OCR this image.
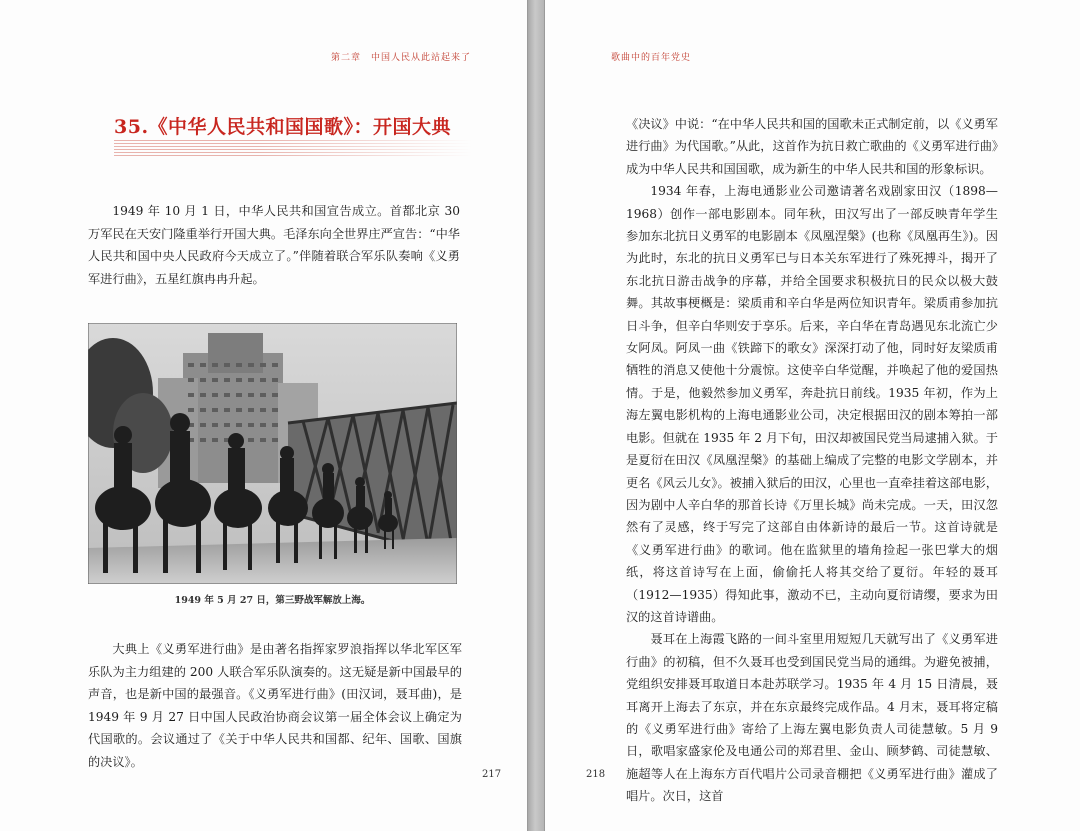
第二章　中国人民从此站起来了
35.《中华人民共和国国歌》：开国大典

1949 年 10 月 1 日，中华人民共和国宣告成立。首都北京 30 万军民在天安门隆重举行开国大典。毛泽东向全世界庄严宣告：“中华人民共和国中央人民政府今天成立了。”伴随着联合军乐队奏响《义勇军进行曲》，五星红旗冉冉升起。

1949 年 5 月 27 日，第三野战军解放上海。

大典上《义勇军进行曲》是由著名指挥家罗浪指挥以华北军区军乐队为主力组建的 200 人联合军乐队演奏的。这无疑是新中国最早的声音，也是新中国的最强音。《义勇军进行曲》(田汉词，聂耳曲)，是 1949 年 9 月 27 日中国人民政治协商会议第一届全体会议上确定为代国歌的。会议通过了《关于中华人民共和国都、纪年、国歌、国旗的决议》。

217
歌曲中的百年党史
218

《决议》中说：“在中华人民共和国的国歌未正式制定前，以《义勇军进行曲》为代国歌。”从此，这首作为抗日救亡歌曲的《义勇军进行曲》成为中华人民共和国国歌，成为新生的中华人民共和国的形象标识。

1934 年春，上海电通影业公司邀请著名戏剧家田汉（1898—1968）创作一部电影剧本。同年秋，田汉写出了一部反映青年学生参加东北抗日义勇军的电影剧本《凤凰涅槃》(也称《凤凰再生》)。因为此时，东北的抗日义勇军已与日本关东军进行了殊死搏斗，揭开了东北抗日游击战争的序幕，并给全国要求积极抗日的民众以极大鼓舞。其故事梗概是：梁质甫和辛白华是两位知识青年。梁质甫参加抗日斗争，但辛白华则安于享乐。后来，辛白华在青岛遇见东北流亡少女阿凤。阿凤一曲《铁蹄下的歌女》深深打动了他，同时好友梁质甫牺牲的消息又使他十分震惊。这使辛白华觉醒，并唤起了他的爱国热情。于是，他毅然参加义勇军，奔赴抗日前线。1935 年初，作为上海左翼电影机构的上海电通影业公司，决定根据田汉的剧本筹拍一部电影。但就在 1935 年 2 月下旬，田汉却被国民党当局逮捕入狱。于是夏衍在田汉《凤凰涅槃》的基础上编成了完整的电影文学剧本，并更名《风云儿女》。被捕入狱后的田汉，心里也一直牵挂着这部电影，因为剧中人辛白华的那首长诗《万里长城》尚未完成。一天，田汉忽然有了灵感，终于写完了这部自由体新诗的最后一节。这首诗就是《义勇军进行曲》的歌词。他在监狱里的墙角捡起一张巴掌大的烟纸，将这首诗写在上面，偷偷托人将其交给了夏衍。年轻的聂耳（1912—1935）得知此事，激动不已，主动向夏衍请缨，要求为田汉的这首诗谱曲。

聂耳在上海霞飞路的一间斗室里用短短几天就写出了《义勇军进行曲》的初稿，但不久聂耳也受到国民党当局的通缉。为避免被捕，党组织安排聂耳取道日本赴苏联学习。1935 年 4 月 15 日清晨，聂耳离开上海去了东京，并在东京最终完成作品。4 月末，聂耳将定稿的《义勇军进行曲》寄给了上海左翼电影负责人司徒慧敏。5 月 9 日，歌唱家盛家伦及电通公司的郑君里、金山、顾梦鹤、司徒慧敏、施超等人在上海东方百代唱片公司录音棚把《义勇军进行曲》灌成了唱片。次日，这首
